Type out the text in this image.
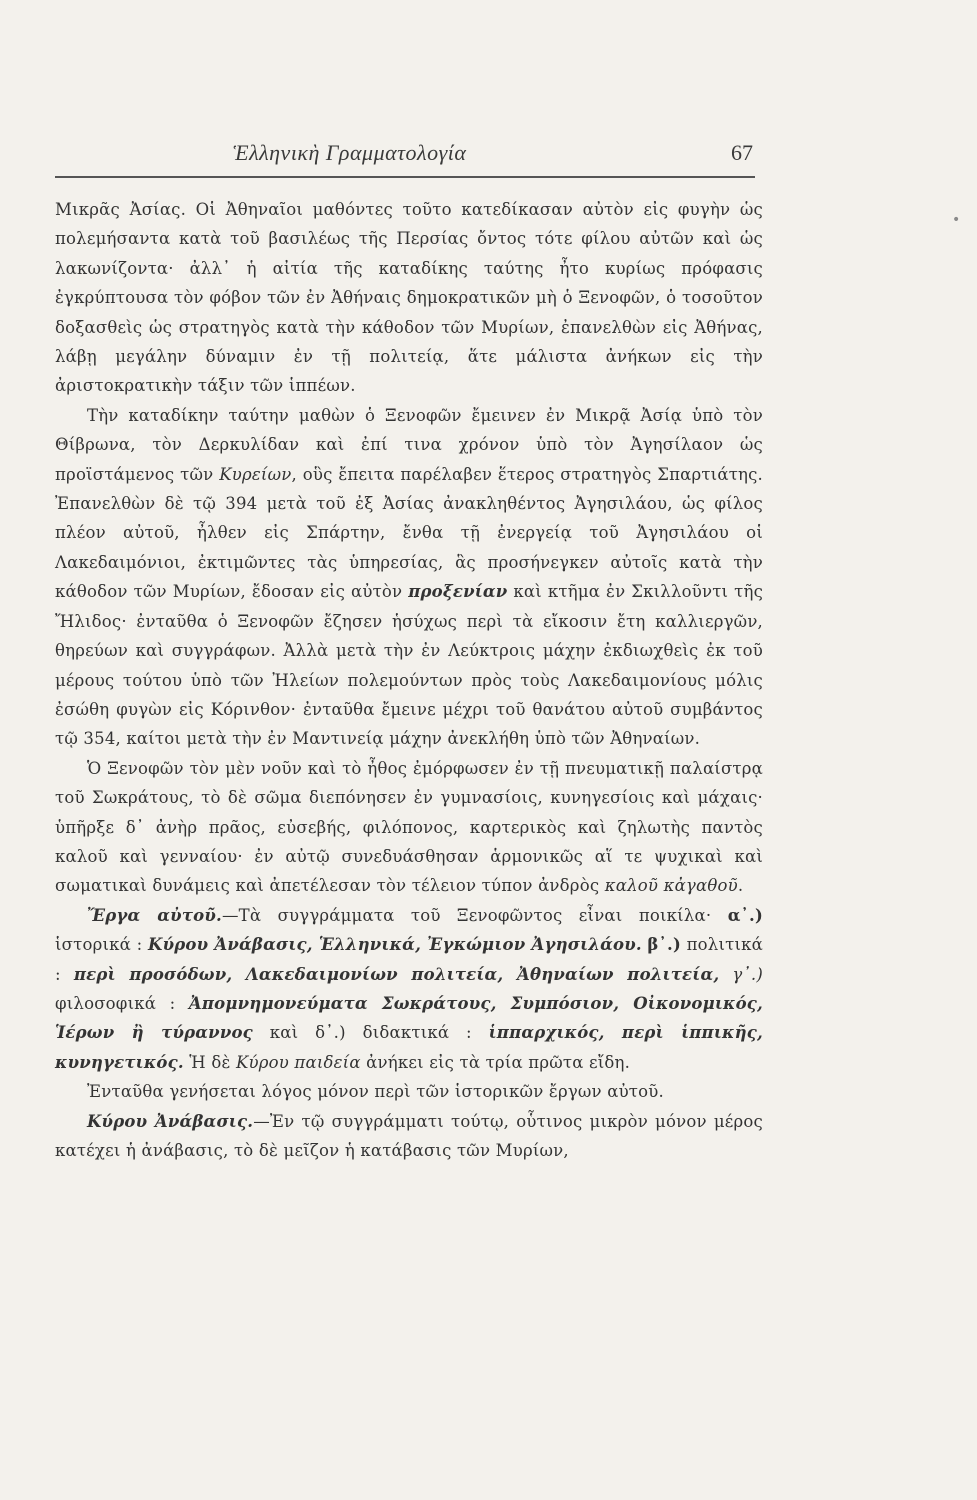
Ἑλληνικὴ Γραμματολογία	67

Μικρᾶς Ἀσίας. Οἱ Ἀθηναῖοι μαθόντες τοῦτο κατεδίκασαν αὐτὸν εἰς φυγὴν ὡς πολεμήσαντα κατὰ τοῦ βασιλέως τῆς Περσίας ὄντος τότε φίλου αὐτῶν καὶ ὡς λακωνίζοντα· ἀλλ᾿ ἡ αἰτία τῆς καταδίκης ταύτης ἦτο κυρίως πρόφασις ἐγκρύπτουσα τὸν φόβον τῶν ἐν Ἀθήναις δημοκρατικῶν μὴ ὁ Ξενοφῶν, ὁ τοσοῦτον δοξασθεὶς ὡς στρατηγὸς κατὰ τὴν κάθοδον τῶν Μυρίων, ἐπανελθὼν εἰς Ἀθήνας, λάβῃ μεγάλην δύναμιν ἐν τῇ πολιτείᾳ, ἅτε μάλιστα ἀνήκων εἰς τὴν ἀριστοκρατικὴν τάξιν τῶν ἱππέων.

Τὴν καταδίκην ταύτην μαθὼν ὁ Ξενοφῶν ἔμεινεν ἐν Μικρᾷ Ἀσίᾳ ὑπὸ τὸν Θίβρωνα, τὸν Δερκυλίδαν καὶ ἐπί τινα χρόνον ὑπὸ τὸν Ἀγησίλαον ὡς προϊστάμενος τῶν Κυρείων, οὓς ἔπειτα παρέλαβεν ἕτερος στρατηγὸς Σπαρτιάτης. Ἐπανελθὼν δὲ τῷ 394 μετὰ τοῦ ἐξ Ἀσίας ἀνακληθέντος Ἀγησιλάου, ὡς φίλος πλέον αὐτοῦ, ἦλθεν εἰς Σπάρτην, ἔνθα τῇ ἐνεργείᾳ τοῦ Ἀγησιλάου οἱ Λακεδαιμόνιοι, ἐκτιμῶντες τὰς ὑπηρεσίας, ἃς προσήνεγκεν αὐτοῖς κατὰ τὴν κάθοδον τῶν Μυρίων, ἔδοσαν εἰς αὐτὸν προξενίαν καὶ κτῆμα ἐν Σκιλλοῦντι τῆς Ἤλιδος· ἐνταῦθα ὁ Ξενοφῶν ἔζησεν ἡσύχως περὶ τὰ εἴκοσιν ἔτη καλλιεργῶν, θηρεύων καὶ συγγράφων. Ἀλλὰ μετὰ τὴν ἐν Λεύκτροις μάχην ἐκδιωχθεὶς ἐκ τοῦ μέρους τούτου ὑπὸ τῶν Ἠλείων πολεμούντων πρὸς τοὺς Λακεδαιμονίους μόλις ἐσώθη φυγὼν εἰς Κόρινθον· ἐνταῦθα ἔμεινε μέχρι τοῦ θανάτου αὐτοῦ συμβάντος τῷ 354, καίτοι μετὰ τὴν ἐν Μαντινείᾳ μάχην ἀνεκλήθη ὑπὸ τῶν Ἀθηναίων.

Ὁ Ξενοφῶν τὸν μὲν νοῦν καὶ τὸ ἦθος ἐμόρφωσεν ἐν τῇ πνευματικῇ παλαίστρᾳ τοῦ Σωκράτους, τὸ δὲ σῶμα διεπόνησεν ἐν γυμνασίοις, κυνηγεσίοις καὶ μάχαις· ὑπῆρξε δ᾿ ἀνὴρ πρᾶος, εὐσεβής, φιλόπονος, καρτερικὸς καὶ ζηλωτὴς παντὸς καλοῦ καὶ γενναίου· ἐν αὐτῷ συνεδυάσθησαν ἁρμονικῶς αἵ τε ψυχικαὶ καὶ σωματικαὶ δυνάμεις καὶ ἀπετέλεσαν τὸν τέλειον τύπον ἀνδρὸς καλοῦ κἀγαθοῦ.

Ἔργα αὐτοῦ.—Τὰ συγγράμματα τοῦ Ξενοφῶντος εἶναι ποικίλα· α᾿.) ἱστορικά : Κύρου Ἀνάβασις, Ἑλληνικά, Ἐγκώμιον Ἀγησιλάου. β᾿.) πολιτικά : περὶ προσόδων, Λακεδαιμονίων πολιτεία, Ἀθηναίων πολιτεία, γ᾿.) φιλοσοφικά : Ἀπομνημονεύματα Σωκράτους, Συμπόσιον, Οἰκονομικός, Ἱέρων ἢ τύραννος καὶ δ᾿.) διδακτικά : ἱππαρχικός, περὶ ἱππικῆς, κυνηγετικός. Ἡ δὲ Κύρου παιδεία ἀνήκει εἰς τὰ τρία πρῶτα εἴδη.

Ἐνταῦθα γενήσεται λόγος μόνον περὶ τῶν ἱστορικῶν ἔργων αὐτοῦ.

Κύρου Ἀνάβασις.—Ἐν τῷ συγγράμματι τούτῳ, οὗτινος μικρὸν μόνον μέρος κατέχει ἡ ἀνάβασις, τὸ δὲ μεῖζον ἡ κατάβασις τῶν Μυρίων,

•
